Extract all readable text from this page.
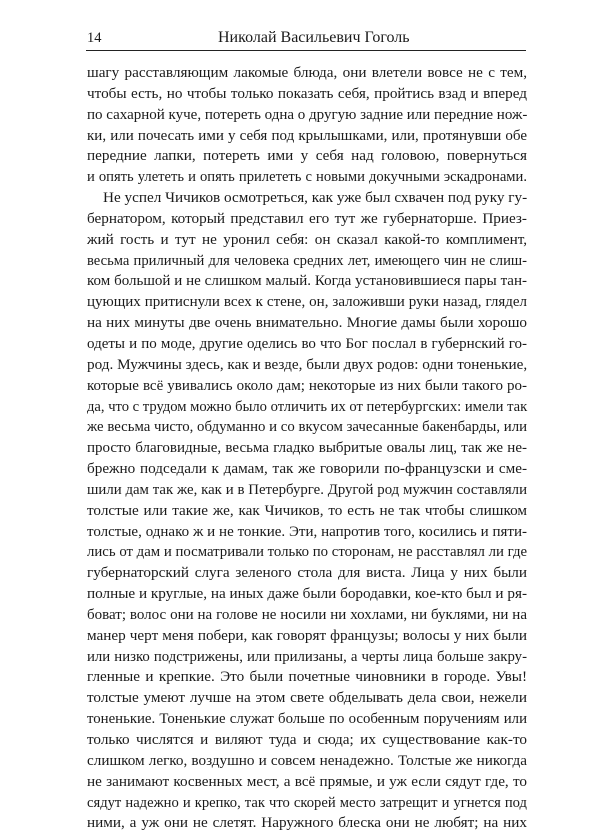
14	Николай Васильевич Гоголь
шагу расставляющим лакомые блюда, они влетели вовсе не с тем,
чтобы есть, но чтобы только показать себя, пройтись взад и вперед
по сахарной куче, потереть одна о другую задние или передние нож-
ки, или почесать ими у себя под крылышками, или, протянувши обе
передние лапки, потереть ими у себя над головою, повернуться
и опять улететь и опять прилететь с новыми докучными эскадронами.
Не успел Чичиков осмотреться, как уже был схвачен под руку гу-
бернатором, который представил его тут же губернаторше. Приез-
жий гость и тут не уронил себя: он сказал какой-то комплимент,
весьма приличный для человека средних лет, имеющего чин не слиш-
ком большой и не слишком малый. Когда установившиеся пары тан-
цующих притиснули всех к стене, он, заложивши руки назад, глядел
на них минуты две очень внимательно. Многие дамы были хорошо
одеты и по моде, другие оделись во что Бог послал в губернский го-
род. Мужчины здесь, как и везде, были двух родов: одни тоненькие,
которые всё увивались около дам; некоторые из них были такого ро-
да, что с трудом можно было отличить их от петербургских: имели так
же весьма чисто, обдуманно и со вкусом зачесанные бакенбарды, или
просто благовидные, весьма гладко выбритые овалы лиц, так же не-
брежно подседали к дамам, так же говорили по-французски и сме-
шили дам так же, как и в Петербурге. Другой род мужчин составляли
толстые или такие же, как Чичиков, то есть не так чтобы слишком
толстые, однако ж и не тонкие. Эти, напротив того, косились и пяти-
лись от дам и посматривали только по сторонам, не расставлял ли где
губернаторский слуга зеленого стола для виста. Лица у них были
полные и круглые, на иных даже были бородавки, кое-кто был и ря-
боват; волос они на голове не носили ни хохлами, ни буклями, ни на
манер черт меня побери, как говорят французы; волосы у них были
или низко подстрижены, или прилизаны, а черты лица больше закру-
гленные и крепкие. Это были почетные чиновники в городе. Увы!
толстые умеют лучше на этом свете обделывать дела свои, нежели
тоненькие. Тоненькие служат больше по особенным поручениям или
только числятся и виляют туда и сюда; их существование как-то
слишком легко, воздушно и совсем ненадежно. Толстые же никогда
не занимают косвенных мест, а всё прямые, и уж если сядут где, то
сядут надежно и крепко, так что скорей место затрещит и угнется под
ними, а уж они не слетят. Наружного блеска они не любят; на них
